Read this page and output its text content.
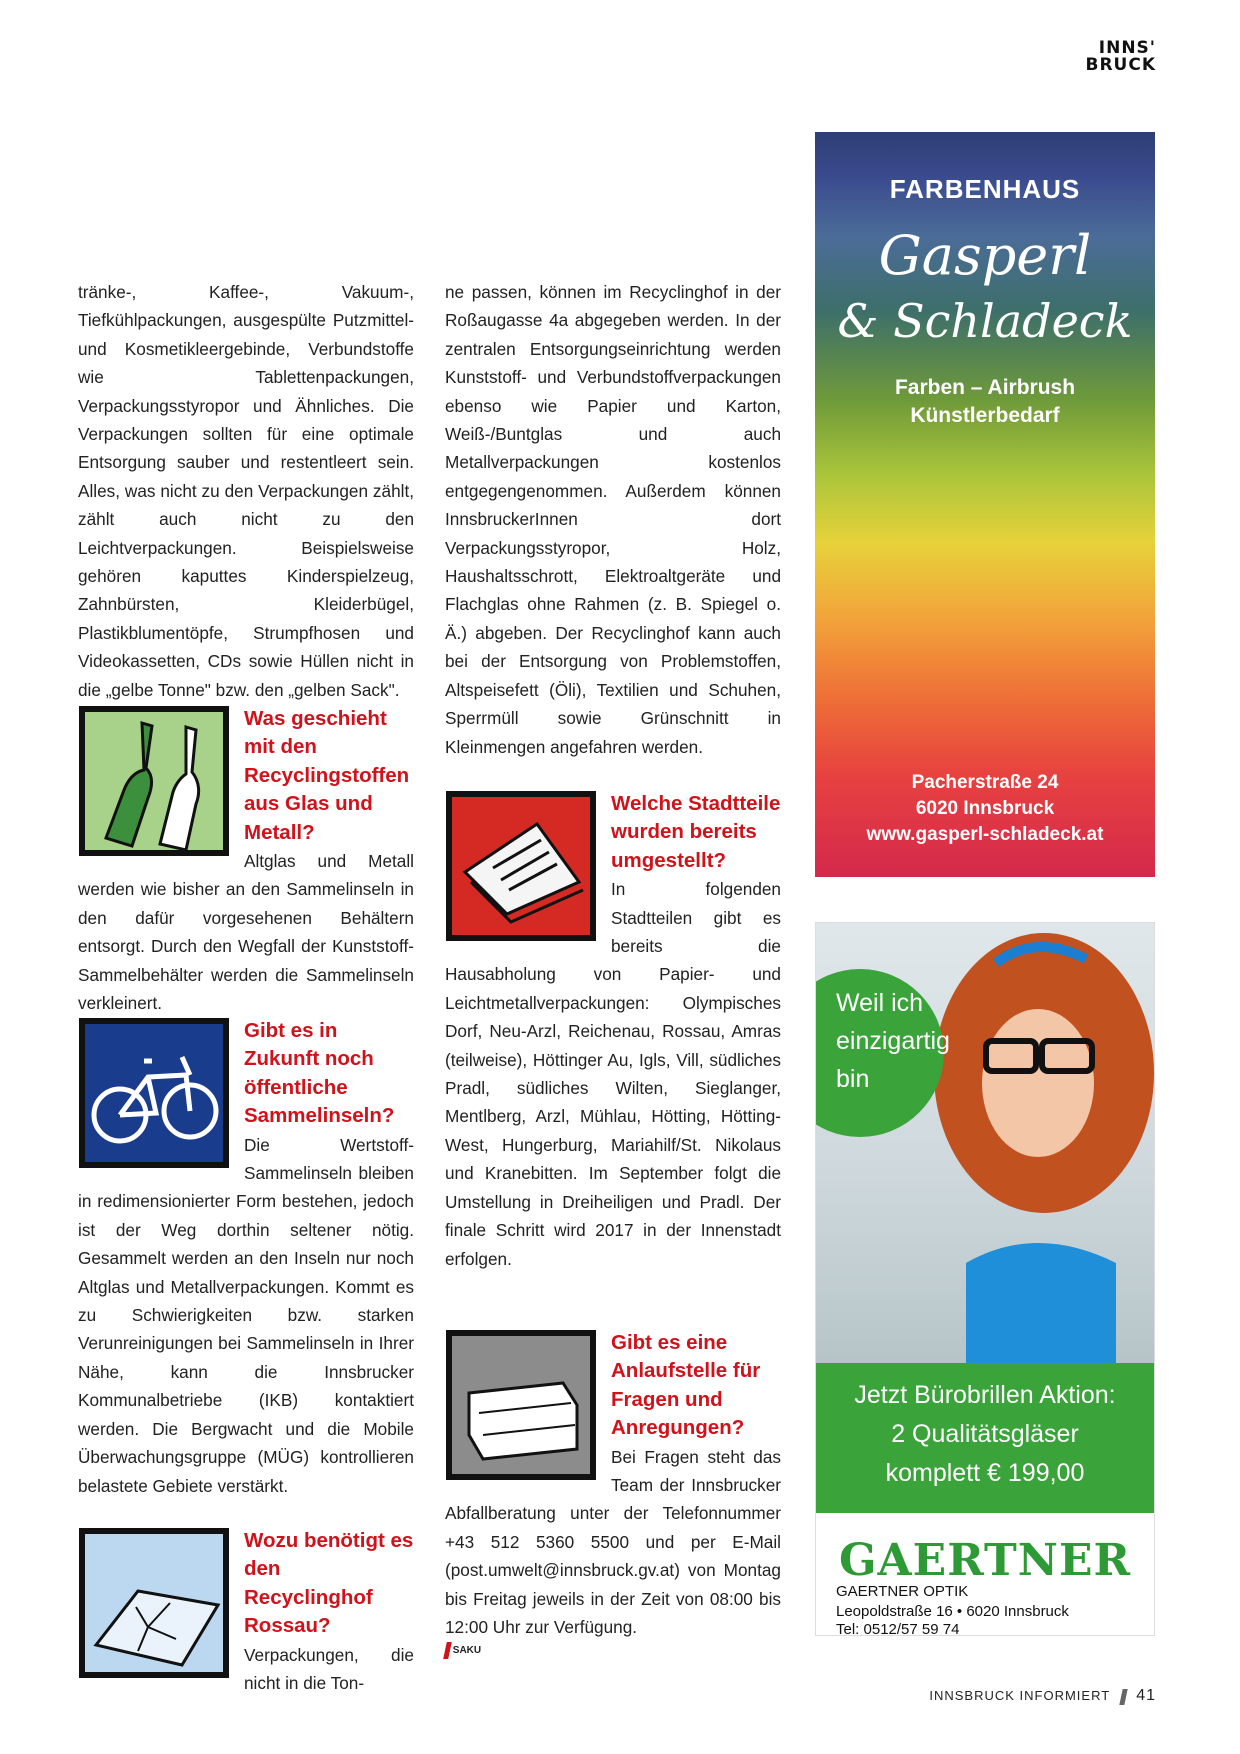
INNS'
BRUCK

tränke-, Kaffee-, Vakuum-, Tiefkühlpackungen, ausgespülte Putzmittel- und Kosmetikleergebinde, Verbundstoffe wie Tablettenpackungen, Verpackungsstyropor und Ähnliches. Die Verpackungen sollten für eine optimale Entsorgung sauber und restentleert sein. Alles, was nicht zu den Verpackungen zählt, zählt auch nicht zu den Leichtverpackungen. Beispielsweise gehören kaputtes Kinderspielzeug, Zahnbürsten, Kleiderbügel, Plastikblumentöpfe, Strumpfhosen und Videokassetten, CDs sowie Hüllen nicht in die „gelbe Tonne" bzw. den „gelben Sack".

Was geschieht mit den Recyclingstoffen aus Glas und Metall?

Altglas und Metall werden wie bisher an den Sammelinseln in den dafür vorgesehenen Behältern entsorgt. Durch den Wegfall der Kunststoff-Sammelbehälter werden die Sammelinseln verkleinert.

Gibt es in Zukunft noch öffentliche Sammelinseln?

Die Wertstoff-Sammelinseln bleiben in redimensionierter Form bestehen, jedoch ist der Weg dorthin seltener nötig. Gesammelt werden an den Inseln nur noch Altglas und Metallverpackungen. Kommt es zu Schwierigkeiten bzw. starken Verunreinigungen bei Sammelinseln in Ihrer Nähe, kann die Innsbrucker Kommunalbetriebe (IKB) kontaktiert werden. Die Bergwacht und die Mobile Überwachungsgruppe (MÜG) kontrollieren belastete Gebiete verstärkt.

Wozu benötigt es den Recyclinghof Rossau?

Verpackungen, die nicht in die Ton-

ne passen, können im Recyclinghof in der Roßaugasse 4a abgegeben werden. In der zentralen Entsorgungseinrichtung werden Kunststoff- und Verbundstoffverpackungen ebenso wie Papier und Karton, Weiß-/Buntglas und auch Metallverpackungen kostenlos entgegengenommen. Außerdem können InnsbruckerInnen dort Verpackungsstyropor, Holz, Haushaltsschrott, Elektroaltgeräte und Flachglas ohne Rahmen (z. B. Spiegel o. Ä.) abgeben. Der Recyclinghof kann auch bei der Entsorgung von Problemstoffen, Altspeisefett (Öli), Textilien und Schuhen, Sperrmüll sowie Grünschnitt in Kleinmengen angefahren werden.

Welche Stadtteile wurden bereits umgestellt?

In folgenden Stadtteilen gibt es bereits die Hausabholung von Papier- und Leichtmetallverpackungen: Olympisches Dorf, Neu-Arzl, Reichenau, Rossau, Amras (teilweise), Höttinger Au, Igls, Vill, südliches Pradl, südliches Wilten, Sieglanger, Mentlberg, Arzl, Mühlau, Hötting, Hötting-West, Hungerburg, Mariahilf/St. Nikolaus und Kranebitten. Im September folgt die Umstellung in Dreiheiligen und Pradl. Der finale Schritt wird 2017 in der Innenstadt erfolgen.

Gibt es eine Anlaufstelle für Fragen und Anregungen?

Bei Fragen steht das Team der Innsbrucker Abfallberatung unter der Telefonnummer +43 512 5360 5500 und per E-Mail (post.umwelt@innsbruck.gv.at) von Montag bis Freitag jeweils in der Zeit von 08:00 bis 12:00 Uhr zur Verfügung.

SAKU
FARBENHAUS
Gasperl
& Schladeck
Farben – Airbrush
Künstlerbedarf
Pacherstraße 24
6020 Innsbruck
www.gasperl-schladeck.at
Weil ich
einzigartig
bin
Jetzt Bürobrillen Aktion:
2 Qualitätsgläser
komplett € 199,00
GAERTNER
GAERTNER OPTIK
Leopoldstraße 16 • 6020 Innsbruck
Tel: 0512/57 59 74
INNSBRUCK INFORMIERT 41
